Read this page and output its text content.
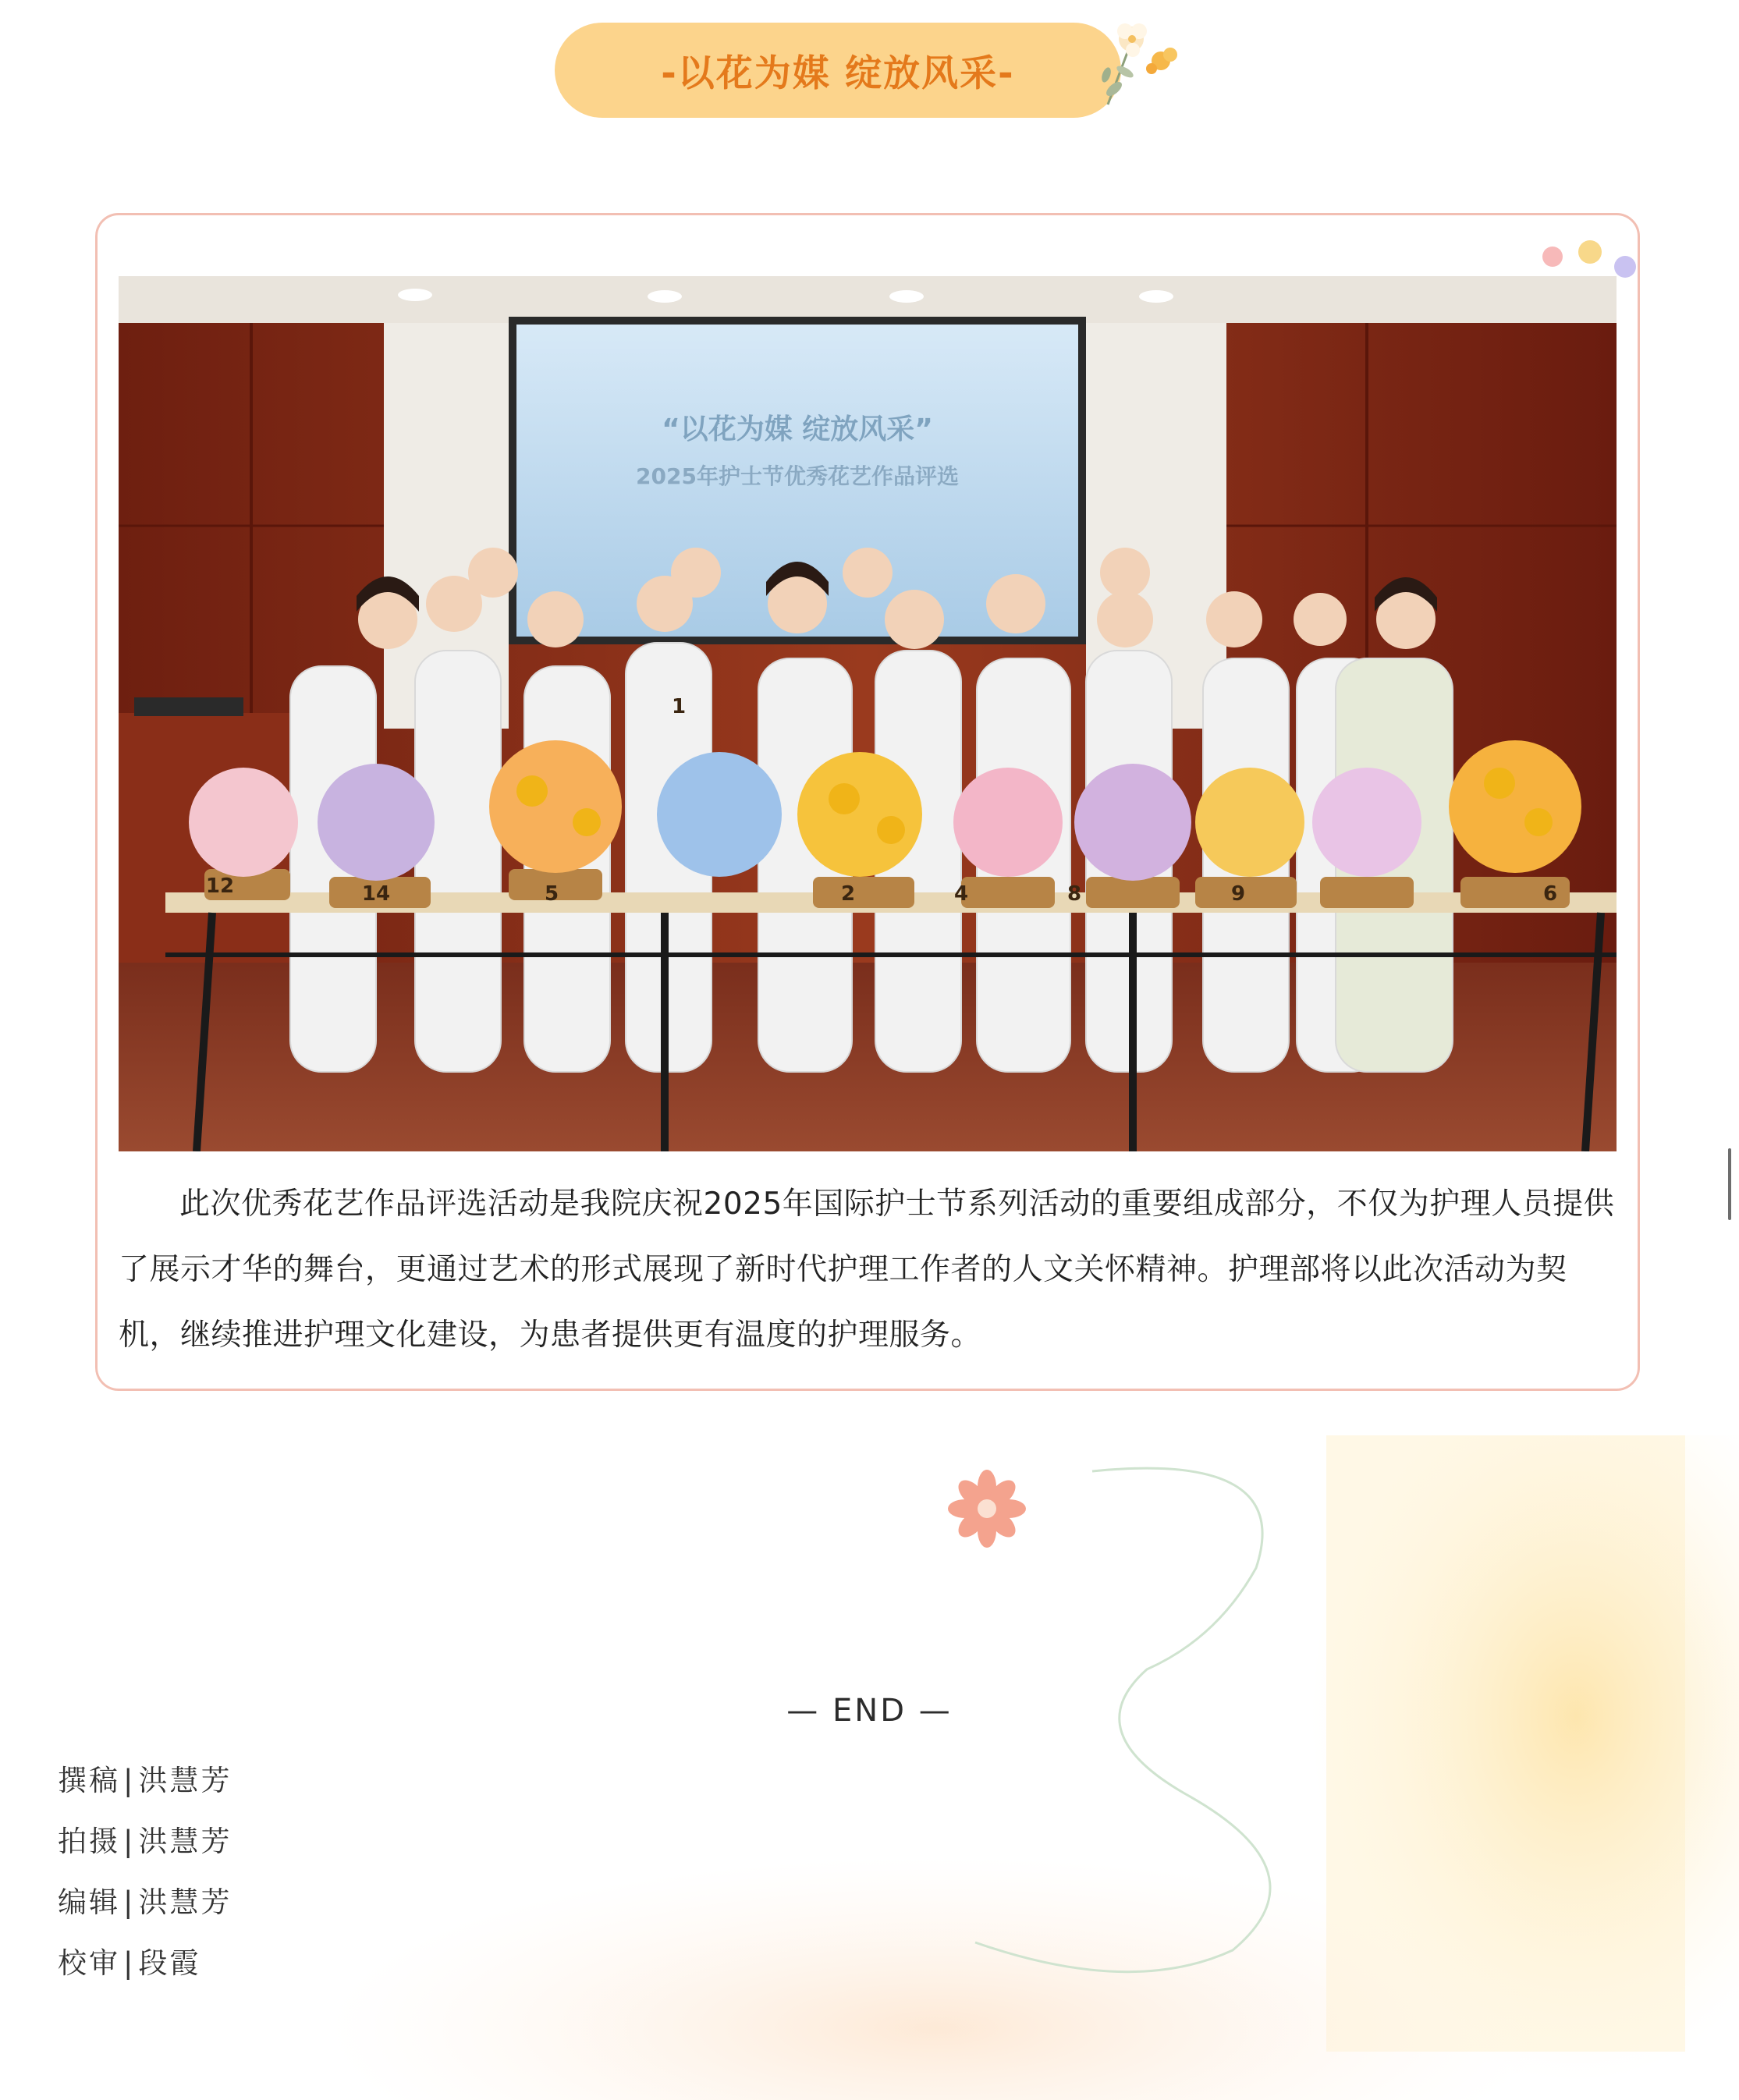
-以花为媒 绽放风采-
“以花为媒 绽放风采”
2025年护士节优秀花艺作品评选
12	14	5
1
2	4	8	9	6
此次优秀花艺作品评选活动是我院庆祝2025年国际护士节系列活动的重要组成部分，不仅为护理人员提供了展示才华的舞台，更通过艺术的形式展现了新时代护理工作者的人文关怀精神。护理部将以此次活动为契机，继续推进护理文化建设，为患者提供更有温度的护理服务。
— END —
撰稿 | 洪慧芳
拍摄 | 洪慧芳
编辑 | 洪慧芳
校审 | 段霞
